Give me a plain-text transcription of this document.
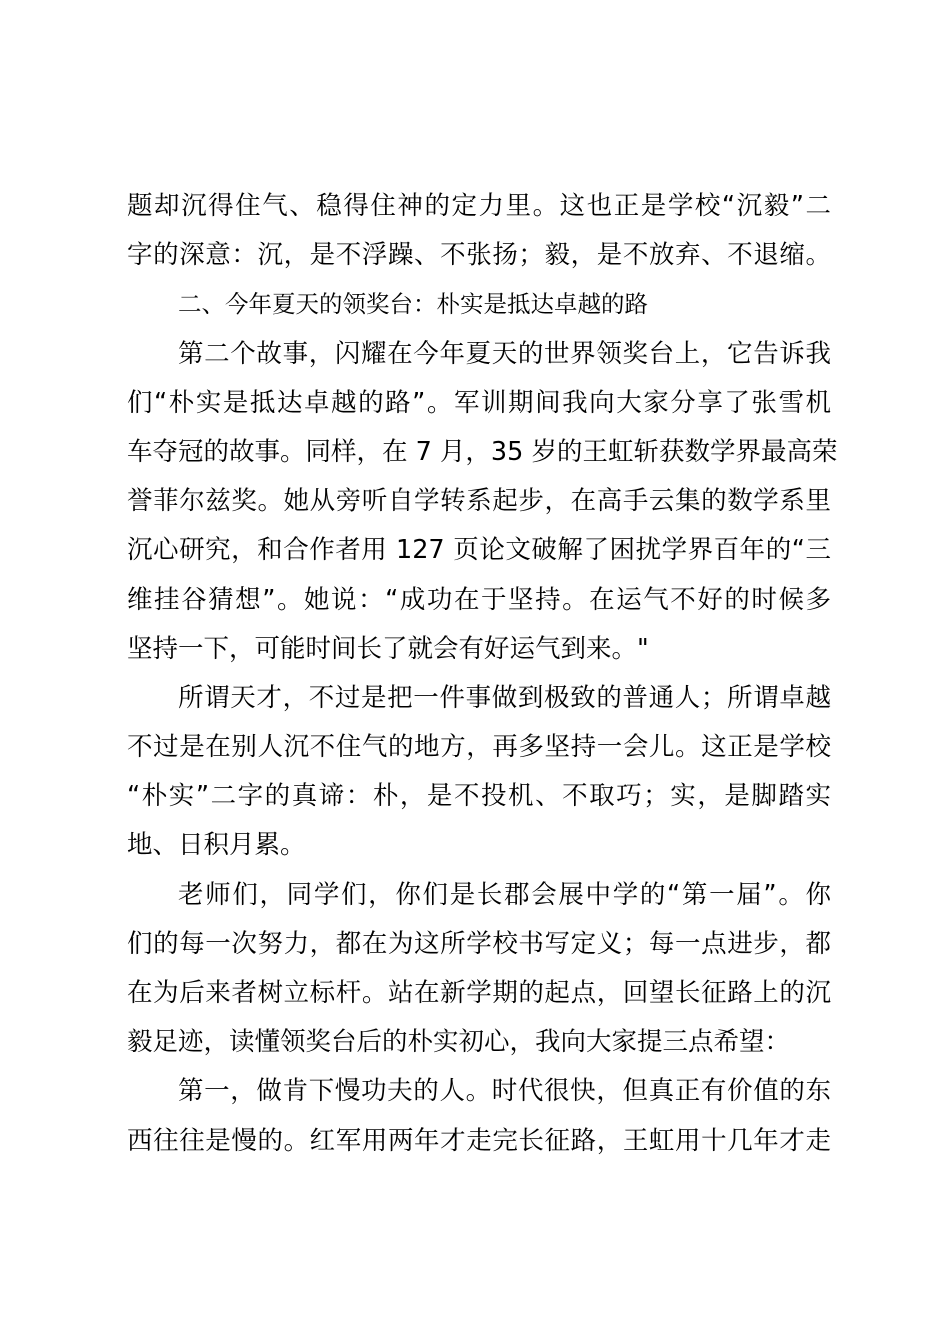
题却沉得住气、稳得住神的定力里。这也正是学校“沉毅”二
字的深意：沉，是不浮躁、不张扬；毅，是不放弃、不退缩。
二、今年夏天的领奖台：朴实是抵达卓越的路
第二个故事，闪耀在今年夏天的世界领奖台上，它告诉我
们“朴实是抵达卓越的路”。军训期间我向大家分享了张雪机
车夺冠的故事。同样，在 7 月，35 岁的王虹斩获数学界最高荣
誉菲尔兹奖。她从旁听自学转系起步，在高手云集的数学系里
沉心研究，和合作者用 127 页论文破解了困扰学界百年的“三
维挂谷猜想”。她说：“成功在于坚持。在运气不好的时候多
坚持一下，可能时间长了就会有好运气到来。"
所谓天才，不过是把一件事做到极致的普通人；所谓卓越
不过是在别人沉不住气的地方，再多坚持一会儿。这正是学校
“朴实”二字的真谛：朴，是不投机、不取巧；实，是脚踏实
地、日积月累。
老师们，同学们，你们是长郡会展中学的“第一届”。你
们的每一次努力，都在为这所学校书写定义；每一点进步，都
在为后来者树立标杆。站在新学期的起点，回望长征路上的沉
毅足迹，读懂领奖台后的朴实初心，我向大家提三点希望：
第一，做肯下慢功夫的人。时代很快，但真正有价值的东
西往往是慢的。红军用两年才走完长征路，王虹用十几年才走
